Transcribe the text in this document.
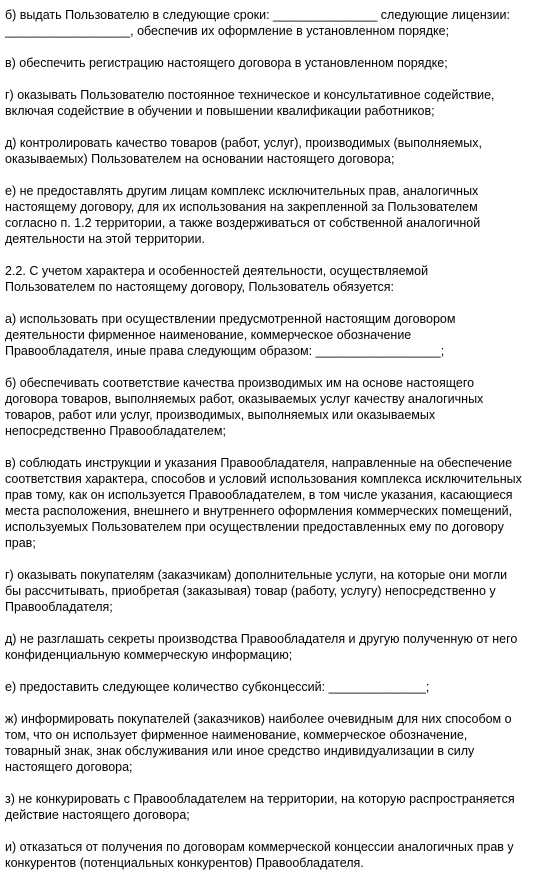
б) выдать Пользователю в следующие сроки: _______________ следующие лицензии:
__________________, обеспечив их оформление в установленном порядке;

в) обеспечить регистрацию настоящего договора в установленном порядке;

г) оказывать Пользователю постоянное техническое и консультативное содействие,
включая содействие в обучении и повышении квалификации работников;

д) контролировать качество товаров (работ, услуг), производимых (выполняемых,
оказываемых) Пользователем на основании настоящего договора;

е) не предоставлять другим лицам комплекс исключительных прав, аналогичных
настоящему договору, для их использования на закрепленной за Пользователем
согласно п. 1.2 территории, а также воздерживаться от собственной аналогичной
деятельности на этой территории.

2.2. С учетом характера и особенностей деятельности, осуществляемой
Пользователем по настоящему договору, Пользователь обязуется:

а) использовать при осуществлении предусмотренной настоящим договором
деятельности фирменное наименование, коммерческое обозначение
Правообладателя, иные права следующим образом: __________________;

б) обеспечивать соответствие качества производимых им на основе настоящего
договора товаров, выполняемых работ, оказываемых услуг качеству аналогичных
товаров, работ или услуг, производимых, выполняемых или оказываемых
непосредственно Правообладателем;

в) соблюдать инструкции и указания Правообладателя, направленные на обеспечение
соответствия характера, способов и условий использования комплекса исключительных
прав тому, как он используется Правообладателем, в том числе указания, касающиеся
места расположения, внешнего и внутреннего оформления коммерческих помещений,
используемых Пользователем при осуществлении предоставленных ему по договору
прав;

г) оказывать покупателям (заказчикам) дополнительные услуги, на которые они могли
бы рассчитывать, приобретая (заказывая) товар (работу, услугу) непосредственно у
Правообладателя;

д) не разглашать секреты производства Правообладателя и другую полученную от него
конфиденциальную коммерческую информацию;

е) предоставить следующее количество субконцессий: ______________;

ж) информировать покупателей (заказчиков) наиболее очевидным для них способом о
том, что он использует фирменное наименование, коммерческое обозначение,
товарный знак, знак обслуживания или иное средство индивидуализации в силу
настоящего договора;

з) не конкурировать с Правообладателем на территории, на которую распространяется
действие настоящего договора;

и) отказаться от получения по договорам коммерческой концессии аналогичных прав у
конкурентов (потенциальных конкурентов) Правообладателя.
